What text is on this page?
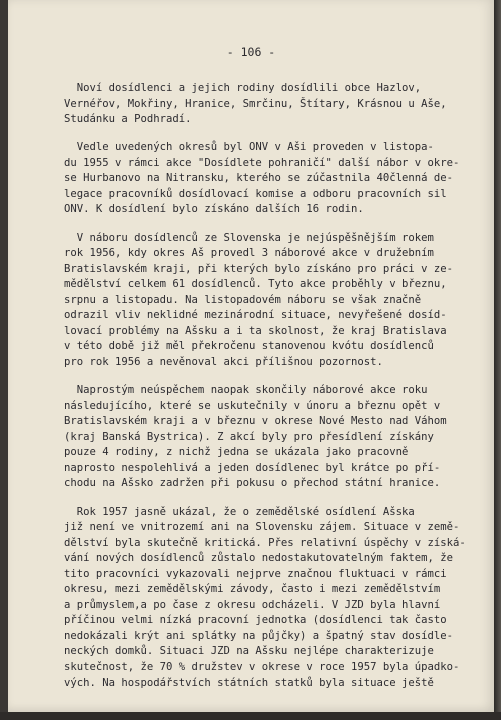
- 106 -
Noví dosídlenci a jejich rodiny dosídlili obce Hazlov,
Vernéřov, Mokřiny, Hranice, Smrčinu, Štítary, Krásnou u Aše,
Studánku a Podhradí.
Vedle uvedených okresů byl ONV v Aši proveden v listopa-
du 1955 v rámci akce "Dosídlete pohraničí" další nábor v okre-
se Hurbanovo na Nitransku, kterého se zúčastnila 40členná de-
legace pracovníků dosídlovací komise a odboru pracovních sil
ONV. K dosídlení bylo získáno dalších 16 rodin.
V náboru dosídlenců ze Slovenska je nejúspěšnějším rokem
rok 1956, kdy okres Aš provedl 3 náborové akce v družebním
Bratislavském kraji, při kterých bylo získáno pro práci v ze-
mědělství celkem 61 dosídlenců. Tyto akce proběhly v březnu,
srpnu a listopadu. Na listopadovém náboru se však značně
odrazil vliv neklidné mezinárodní situace, nevyřešené dosíd-
lovací problémy na Ašsku a i ta skolnost, že kraj Bratislava
v této době již měl překročenu stanovenou kvótu dosídlenců
pro rok 1956 a nevěnoval akci přílišnou pozornost.
Naprostým neúspěchem naopak skončily náborové akce roku
následujícího, které se uskutečnily v únoru a březnu opět v
Bratislavském kraji a v březnu v okrese Nové Mesto nad Váhom
(kraj Banská Bystrica). Z akcí byly pro přesídlení získány
pouze 4 rodiny, z nichž jedna se ukázala jako pracovně
naprosto nespolehlivá a jeden dosídlenec byl krátce po pří-
chodu na Ašsko zadržen při pokusu o přechod státní hranice.
Rok 1957 jasně ukázal, že o zemědělské osídlení Ašska
již není ve vnitrozemí ani na Slovensku zájem. Situace v země-
dělství byla skutečně kritická. Přes relativní úspěchy v získá-
vání nových dosídlenců zůstalo nedostakutovatelným faktem, že
tito pracovníci vykazovali nejprve značnou fluktuaci v rámci
okresu, mezi zemědělskými závody, často i mezi zemědělstvím
a průmyslem,a po čase z okresu odcházeli. V JZD byla hlavní
příčinou velmi nízká pracovní jednotka (dosídlenci tak často
nedokázali krýt ani splátky na půjčky) a špatný stav dosídle-
neckých domků. Situaci JZD na Ašsku nejlépe charakterizuje
skutečnost, že 70 % družstev v okrese v roce 1957 byla úpadko-
vých. Na hospodářstvích státních statků byla situace ještě
